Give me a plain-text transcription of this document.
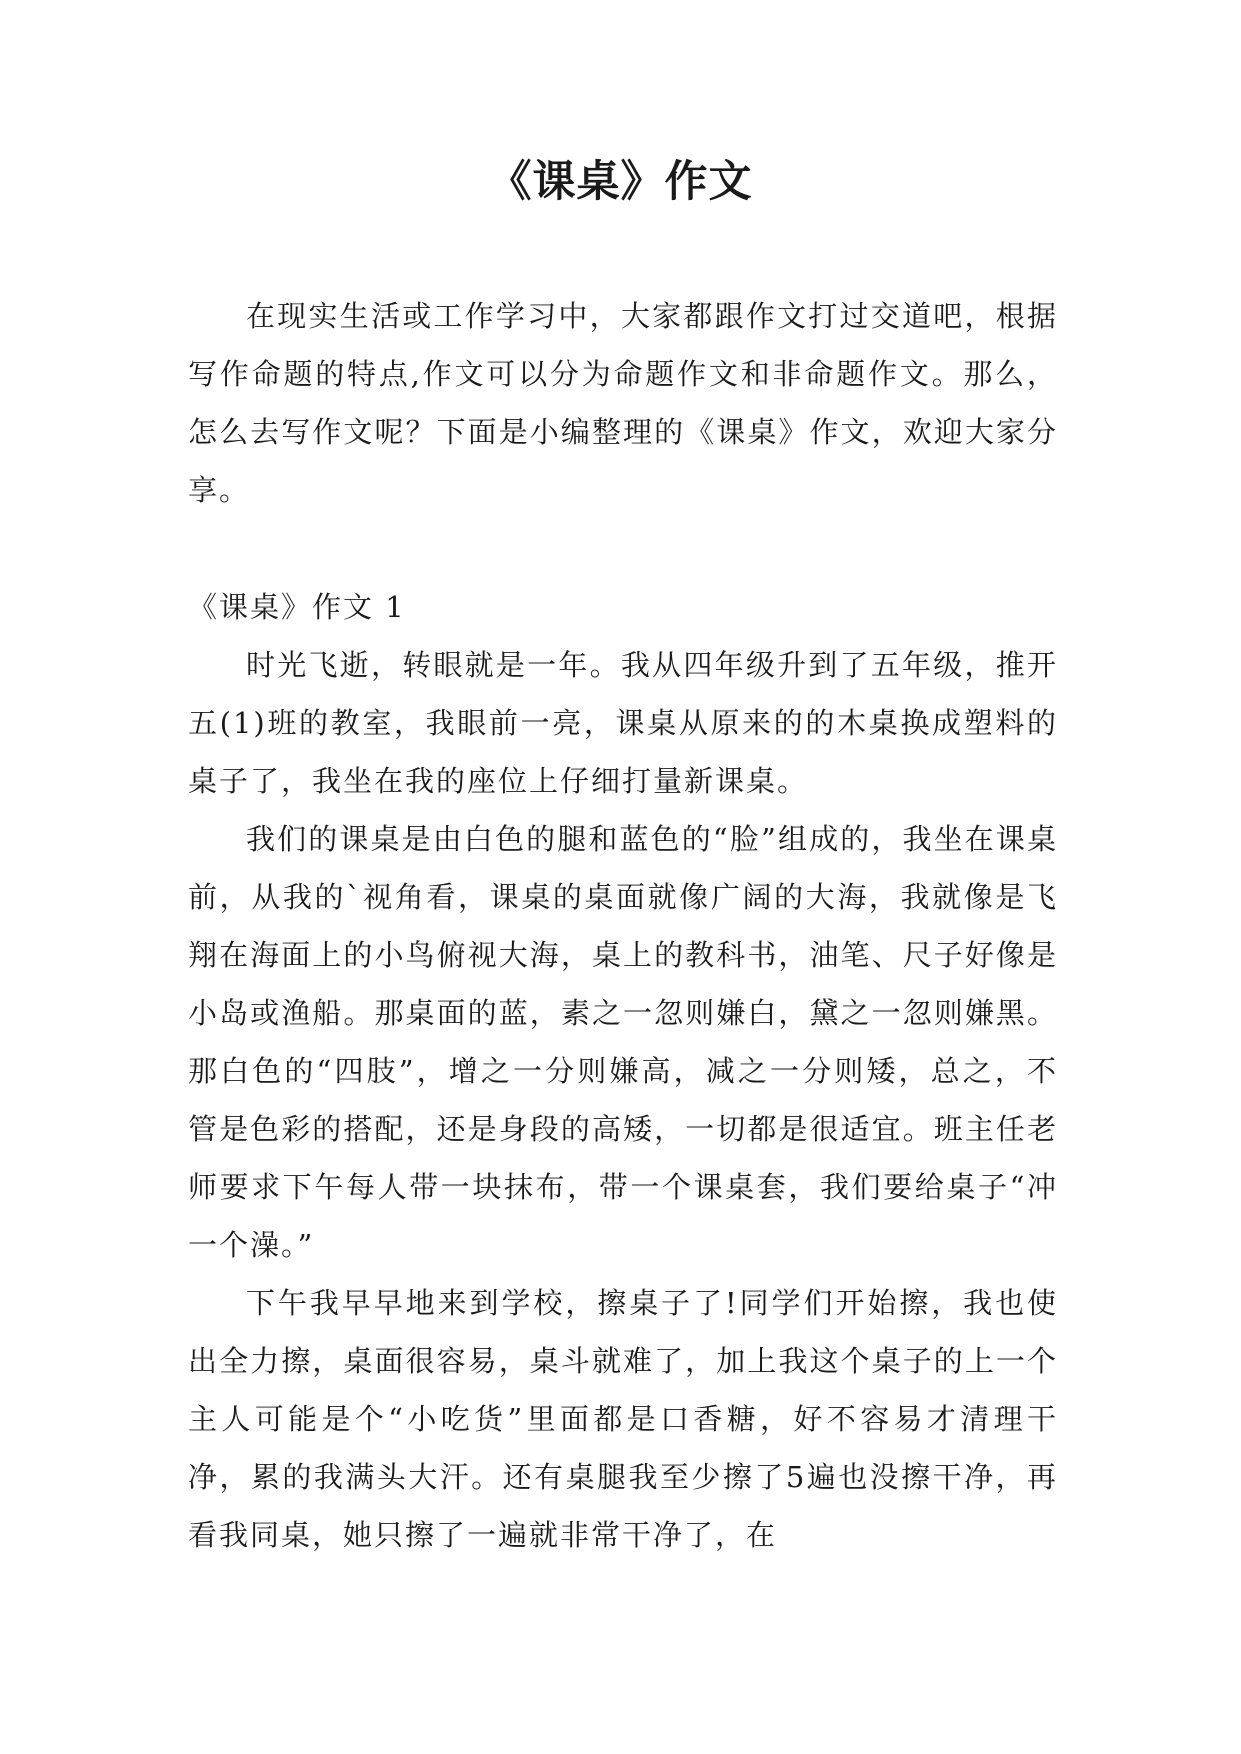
《课桌》作文

在现实生活或工作学习中，大家都跟作文打过交道吧，根据写作命题的特点,作文可以分为命题作文和非命题作文。那么，怎么去写作文呢？下面是小编整理的《课桌》作文，欢迎大家分享。

《课桌》作文 1

时光飞逝，转眼就是一年。我从四年级升到了五年级，推开五(1)班的教室，我眼前一亮，课桌从原来的的木桌换成塑料的桌子了，我坐在我的座位上仔细打量新课桌。

我们的课桌是由白色的腿和蓝色的“脸”组成的，我坐在课桌前，从我的`视角看，课桌的桌面就像广阔的大海，我就像是飞翔在海面上的小鸟俯视大海，桌上的教科书，油笔、尺子好像是小岛或渔船。那桌面的蓝，素之一忽则嫌白，黛之一忽则嫌黑。那白色的“四肢”，增之一分则嫌高，减之一分则矮，总之，不管是色彩的搭配，还是身段的高矮，一切都是很适宜。班主任老师要求下午每人带一块抹布，带一个课桌套，我们要给桌子“冲一个澡。”

下午我早早地来到学校，擦桌子了!同学们开始擦，我也使出全力擦，桌面很容易，桌斗就难了，加上我这个桌子的上一个主人可能是个“小吃货”里面都是口香糖，好不容易才清理干净，累的我满头大汗。还有桌腿我至少擦了5遍也没擦干净，再看我同桌，她只擦了一遍就非常干净了，在
